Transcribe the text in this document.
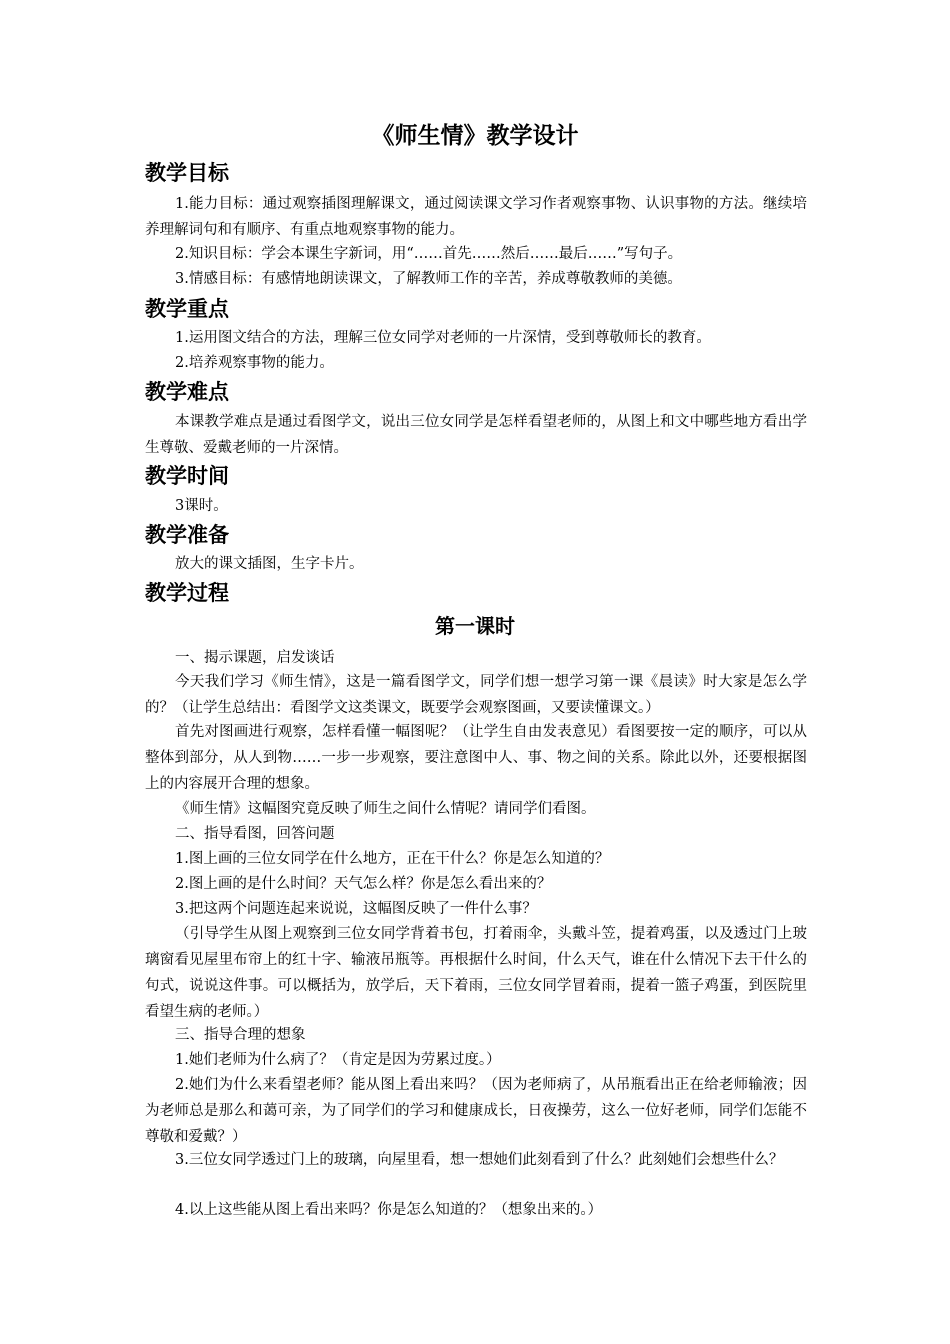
《师生情》教学设计
教学目标

1.能力目标：通过观察插图理解课文，通过阅读课文学习作者观察事物、认识事物的方法。继续培养理解词句和有顺序、有重点地观察事物的能力。

2.知识目标：学会本课生字新词，用“……首先……然后……最后……”写句子。

3.情感目标：有感情地朗读课文，了解教师工作的辛苦，养成尊敬教师的美德。

教学重点

1.运用图文结合的方法，理解三位女同学对老师的一片深情，受到尊敬师长的教育。

2.培养观察事物的能力。

教学难点

本课教学难点是通过看图学文，说出三位女同学是怎样看望老师的，从图上和文中哪些地方看出学生尊敬、爱戴老师的一片深情。

教学时间

3课时。

教学准备

放大的课文插图，生字卡片。

教学过程
第一课时

一、揭示课题，启发谈话

今天我们学习《师生情》，这是一篇看图学文，同学们想一想学习第一课《晨读》时大家是怎么学的？（让学生总结出：看图学文这类课文，既要学会观察图画，又要读懂课文。）

首先对图画进行观察，怎样看懂一幅图呢？（让学生自由发表意见）看图要按一定的顺序，可以从整体到部分，从人到物……一步一步观察，要注意图中人、事、物之间的关系。除此以外，还要根据图上的内容展开合理的想象。

《师生情》这幅图究竟反映了师生之间什么情呢？请同学们看图。

二、指导看图，回答问题

1.图上画的三位女同学在什么地方，正在干什么？你是怎么知道的？

2.图上画的是什么时间？天气怎么样？你是怎么看出来的？

3.把这两个问题连起来说说，这幅图反映了一件什么事？

（引导学生从图上观察到三位女同学背着书包，打着雨伞，头戴斗笠，提着鸡蛋，以及透过门上玻璃窗看见屋里布帘上的红十字、输液吊瓶等。再根据什么时间，什么天气，谁在什么情况下去干什么的句式，说说这件事。可以概括为，放学后，天下着雨，三位女同学冒着雨，提着一篮子鸡蛋，到医院里看望生病的老师。）

三、指导合理的想象

1.她们老师为什么病了？（肯定是因为劳累过度。）

2.她们为什么来看望老师？能从图上看出来吗？（因为老师病了，从吊瓶看出正在给老师输液；因为老师总是那么和蔼可亲，为了同学们的学习和健康成长，日夜操劳，这么一位好老师，同学们怎能不尊敬和爱戴？）

3.三位女同学透过门上的玻璃，向屋里看，想一想她们此刻看到了什么？此刻她们会想些什么？

4.以上这些能从图上看出来吗？你是怎么知道的？（想象出来的。）
